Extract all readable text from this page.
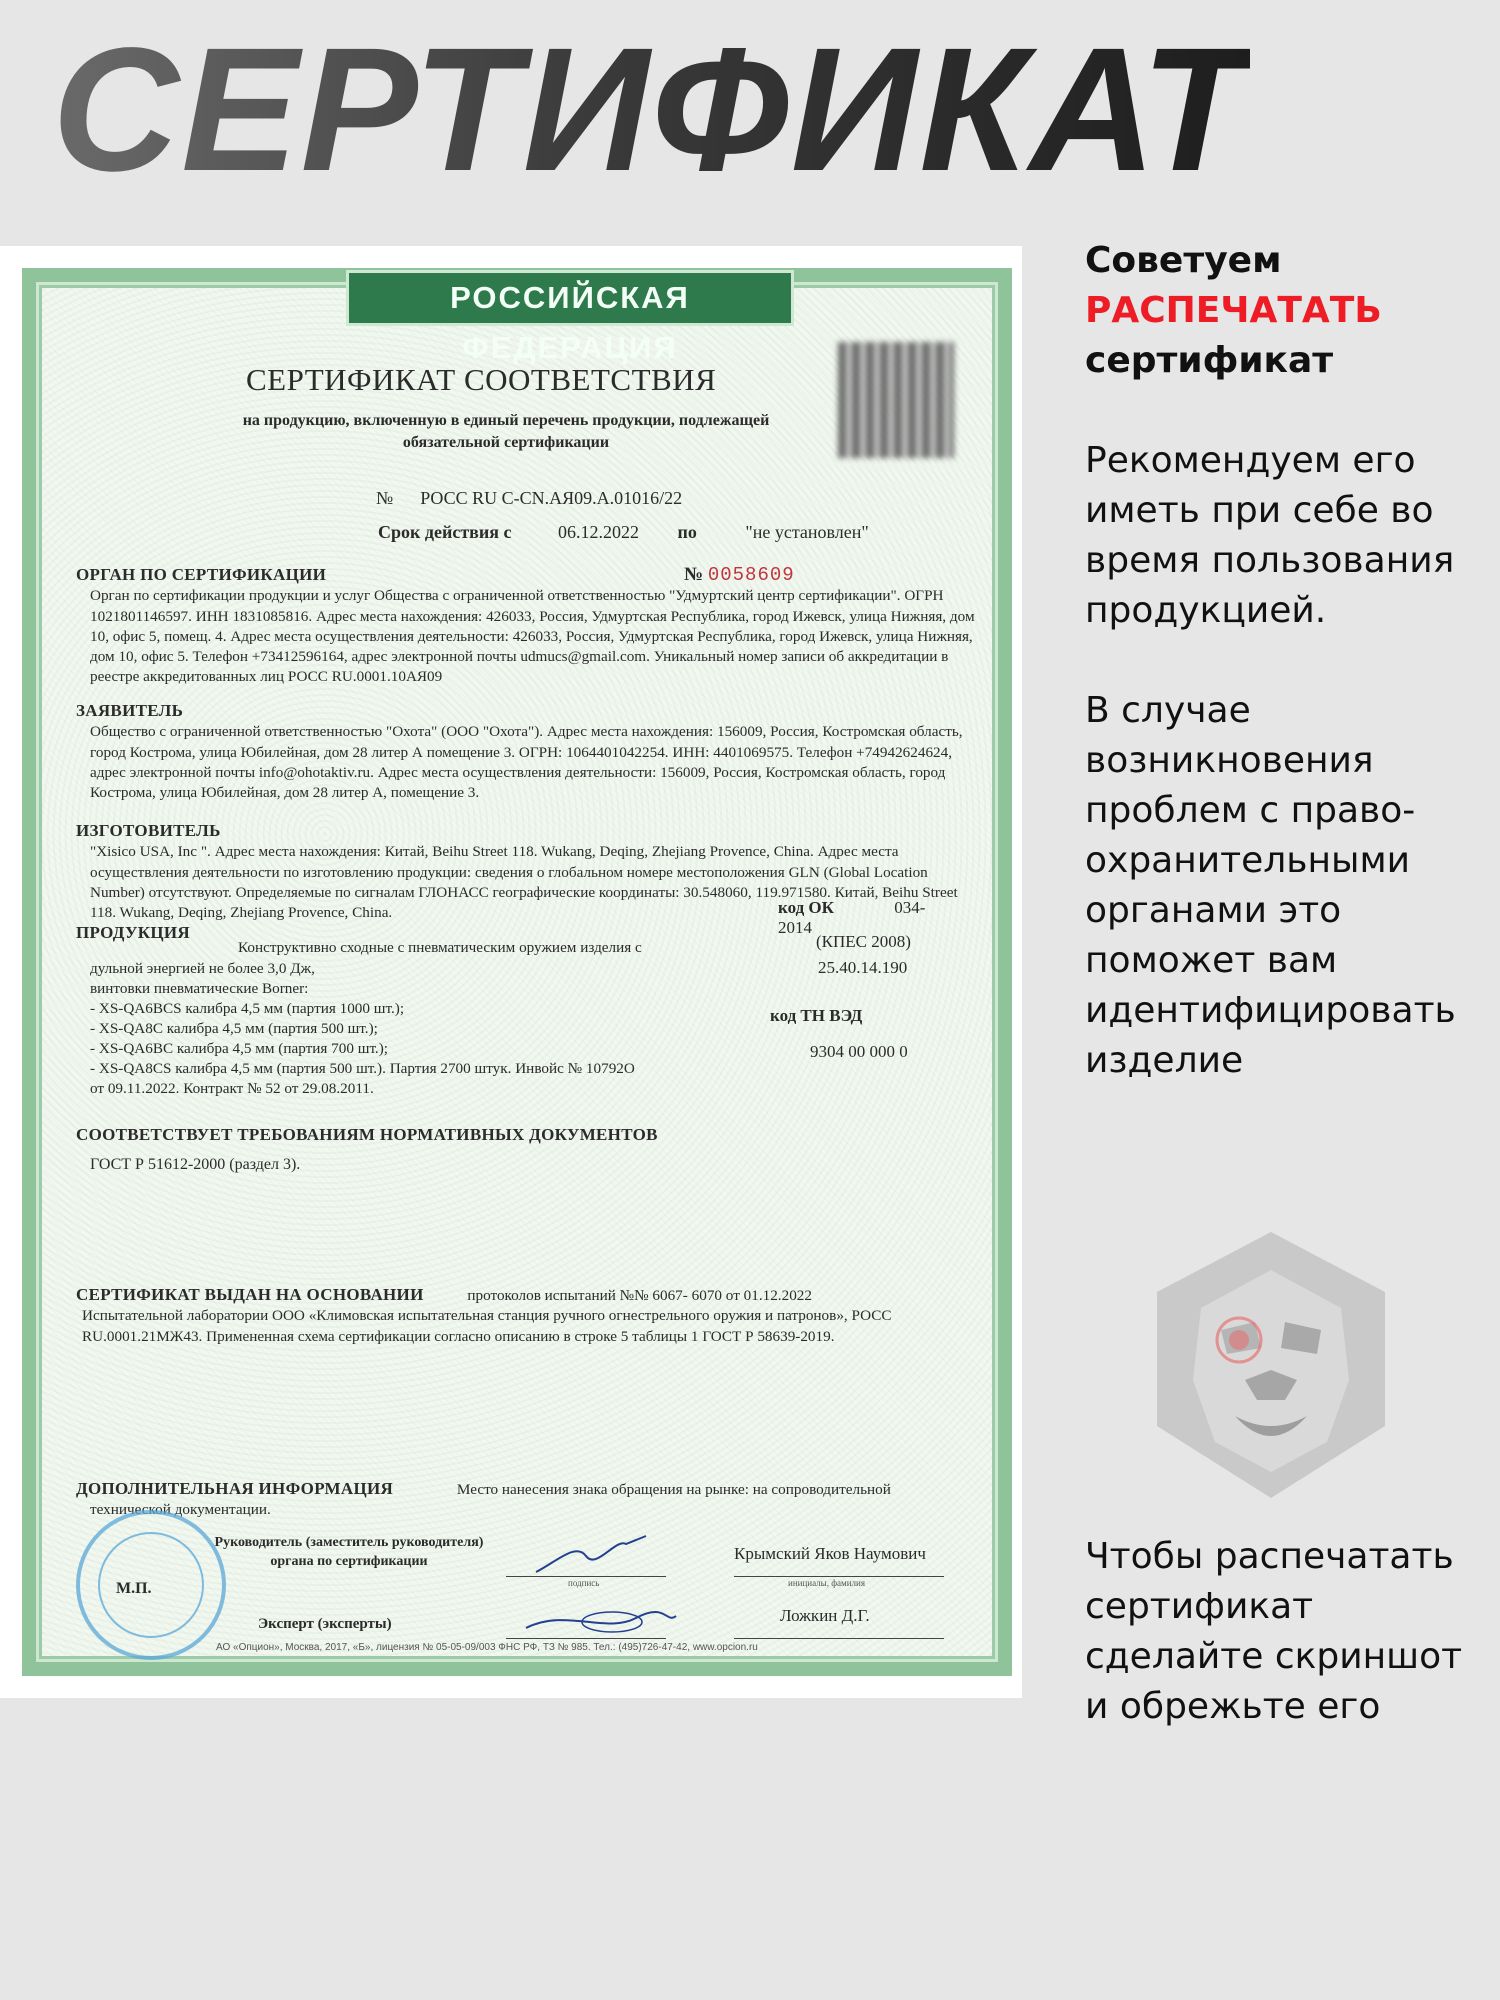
СЕРТИФИКАТ
РОССИЙСКАЯ ФЕДЕРАЦИЯ
СЕРТИФИКАТ СООТВЕТСТВИЯ
на продукцию, включенную в единый перечень продукции, подлежащей обязательной сертификации
№ РОСС RU С-CN.АЯ09.А.01016/22
Срок действия с	06.12.2022 по	"не установлен"
№ 0058609
ОРГАН ПО СЕРТИФИКАЦИИ
Орган по сертификации продукции и услуг Общества с ограниченной ответственностью "Удмуртский центр сертификации". ОГРН 1021801146597. ИНН 1831085816. Адрес места нахождения: 426033, Россия, Удмуртская Республика, город Ижевск, улица Нижняя, дом 10, офис 5, помещ. 4. Адрес места осуществления деятельности: 426033, Россия, Удмуртская Республика, город Ижевск, улица Нижняя, дом 10, офис 5. Телефон +73412596164, адрес электронной почты udmucs@gmail.com. Уникальный номер записи об аккредитации в реестре аккредитованных лиц РОСС RU.0001.10АЯ09
ЗАЯВИТЕЛЬ
Общество с ограниченной ответственностью "Охота" (ООО "Охота"). Адрес места нахождения: 156009, Россия, Костромская область, город Кострома, улица Юбилейная, дом 28 литер А помещение 3. ОГРН: 1064401042254. ИНН: 4401069575. Телефон +74942624624, адрес электронной почты info@ohotaktiv.ru. Адрес места осуществления деятельности: 156009, Россия, Костромская область, город Кострома, улица Юбилейная, дом 28 литер А, помещение 3.
ИЗГОТОВИТЕЛЬ
"Xisico USA, Inc ". Адрес места нахождения: Китай, Beihu Street 118. Wukang, Deqing, Zhejiang Provence, China. Адрес места осуществления деятельности по изготовлению продукции: сведения о глобальном номере местоположения GLN (Global Location Number) отсутствуют. Определяемые по сигналам ГЛОНАСС географические координаты: 30.548060, 119.971580. Китай, Beihu Street 118. Wukang, Deqing, Zhejiang Provence, China.	код ОК	034-2014
(КПЕС 2008)
25.40.14.190
код ТН ВЭД
9304 00 000 0
ПРОДУКЦИЯ
Конструктивно сходные с пневматическим оружием изделия с
дульной энергией не более 3,0 Дж,
винтовки пневматические Borner:
- XS-QA6BCS калибра 4,5 мм (партия 1000 шт.);
- XS-QA8C калибра 4,5 мм (партия 500 шт.);
- XS-QA6BC калибра 4,5 мм (партия 700 шт.);
- XS-QA8CS калибра 4,5 мм (партия 500 шт.). Партия 2700 штук. Инвойс № 10792O
от 09.11.2022. Контракт № 52 от 29.08.2011.
СООТВЕТСТВУЕТ ТРЕБОВАНИЯМ НОРМАТИВНЫХ ДОКУМЕНТОВ
ГОСТ Р 51612-2000 (раздел 3).
СЕРТИФИКАТ ВЫДАН НА ОСНОВАНИИ	протоколов испытаний №№ 6067- 6070 от 01.12.2022
Испытательной лаборатории ООО «Климовская испытательная станция ручного огнестрельного оружия и патронов», РОСС RU.0001.21МЖ43. Примененная схема сертификации согласно описанию в строке 5 таблицы 1 ГОСТ Р 58639-2019.
ДОПОЛНИТЕЛЬНАЯ ИНФОРМАЦИЯ	Место нанесения знака обращения на рынке: на сопроводительной
технической документации.
М.П.
Руководитель (заместитель руководителя) органа по сертификации
подпись
Крымский Яков Наумович
инициалы, фамилия
Эксперт (эксперты)	Ложкин Д.Г.
АО «Опцион», Москва, 2017, «Б», лицензия № 05-05-09/003 ФНС РФ, ТЗ № 985. Тел.: (495)726-47-42, www.opcion.ru
Советуем
РАСПЕЧАТАТЬ
сертификат
Рекомендуем его иметь при себе во время пользования продукцией.
В случае возникновения проблем с право-охранительными органами это поможет вам идентифицировать изделие
Чтобы распечатать сертификат сделайте скриншот и обрежьте его
